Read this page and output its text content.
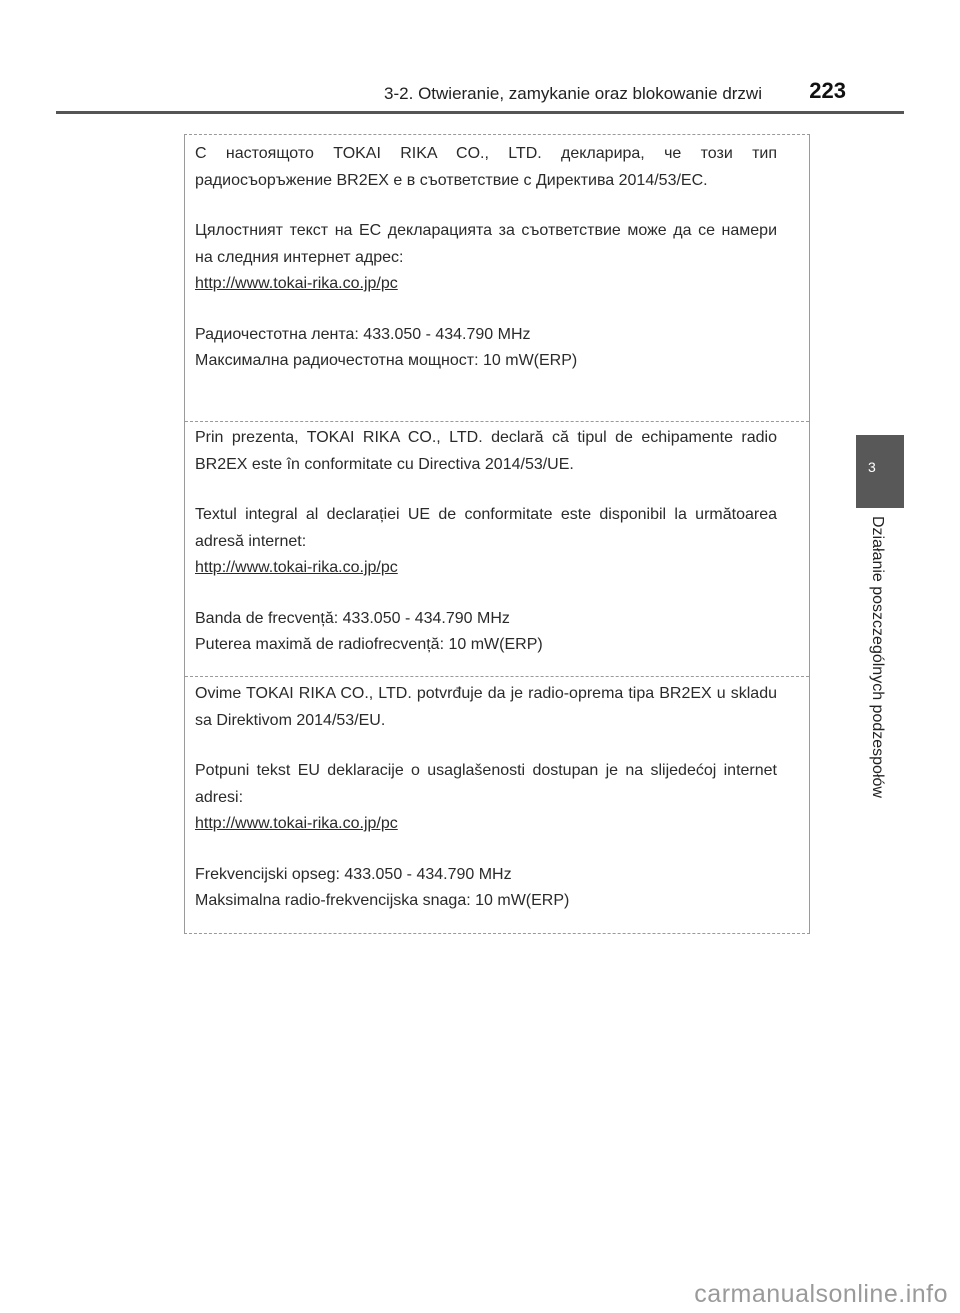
3-2. Otwieranie, zamykanie oraz blokowanie drzwi 223
3
Działanie poszczególnych podzespołów

С настоящото TOKAI RIKA CO., LTD. декларира, че този тип радиосъоръжение BR2EX е в съответствие с Директива 2014/53/ЕС.

Цялостният текст на ЕС декларацията за съответствие може да се намери на следния интернет адрес:

http://www.tokai-rika.co.jp/pc
Радиочестотна лента: 433.050 - 434.790 MHz
Максимална радиочестотна мощност: 10 mW(ERP)

Prin prezenta, TOKAI RIKA CO., LTD. declară că tipul de echipamente radio BR2EX este în conformitate cu Directiva 2014/53/UE.

Textul integral al declarației UE de conformitate este disponibil la următoarea adresă internet:

http://www.tokai-rika.co.jp/pc
Banda de frecvență: 433.050 - 434.790 MHz
Puterea maximă de radiofrecvență: 10 mW(ERP)

Ovime TOKAI RIKA CO., LTD. potvrđuje da je radio-oprema tipa BR2EX u skladu sa Direktivom 2014/53/EU.

Potpuni tekst EU deklaracije o usaglašenosti dostupan je na slijedećoj internet adresi:

http://www.tokai-rika.co.jp/pc
Frekvencijski opseg: 433.050 - 434.790 MHz
Maksimalna radio-frekvencijska snaga: 10 mW(ERP)
carmanualsonline.info
